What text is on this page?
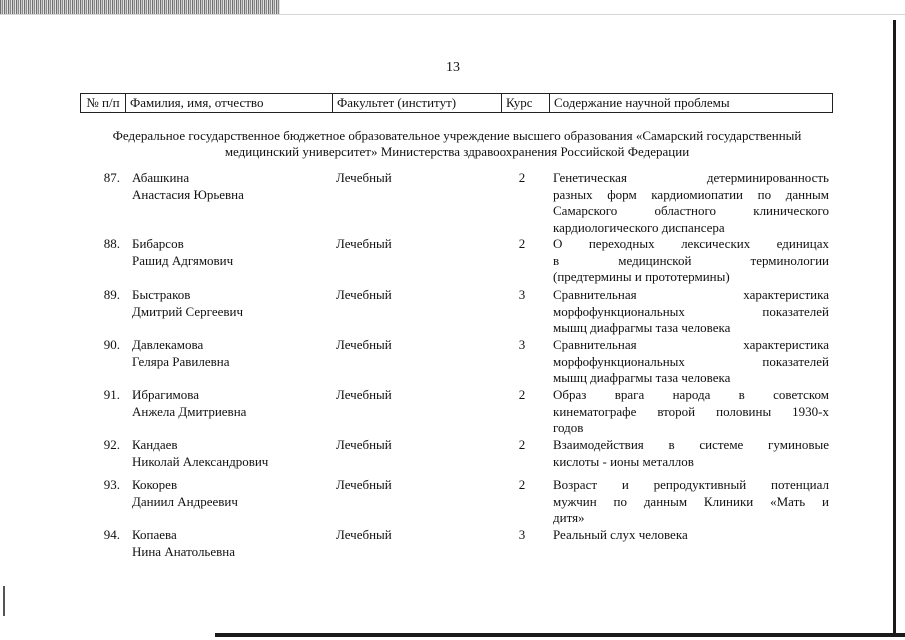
13
№ п/п	Фамилия, имя, отчество	Факультет (институт)	Курс	Содержание научной проблемы
Федеральное государственное бюджетное образовательное учреждение высшего образования «Самарский государственный медицинский университет» Министерства здравоохранения Российской Федерации
87. Абашкина
Анастасия Юрьевна
Лечебный	2	Генетическая детерминированность
разных форм кардиомиопатии по данным
Самарского областного клинического
кардиологического диспансера
88. Бибарсов
Рашид Адгямович
Лечебный	2	О переходных лексических единицах
в медицинской терминологии
(предтермины и прототермины)
89. Быстраков
Дмитрий Сергеевич
Лечебный	3	Сравнительная характеристика
морфофункциональных показателей
мышц диафрагмы таза человека
90. Давлекамова
Геляра Равилевна
Лечебный	3	Сравнительная характеристика
морфофункциональных показателей
мышц диафрагмы таза человека
91. Ибрагимова
Анжела Дмитриевна
Лечебный	2	Образ врага народа в советском
кинематографе второй половины 1930-х
годов
92. Кандаев
Николай Александрович
Лечебный	2	Взаимодействия в системе гуминовые
кислоты - ионы металлов
93. Кокорев
Даниил Андреевич
Лечебный	2	Возраст и репродуктивный потенциал
мужчин по данным Клиники «Мать и
дитя»
94. Копаева
Нина Анатольевна
Лечебный	3	Реальный слух человека
